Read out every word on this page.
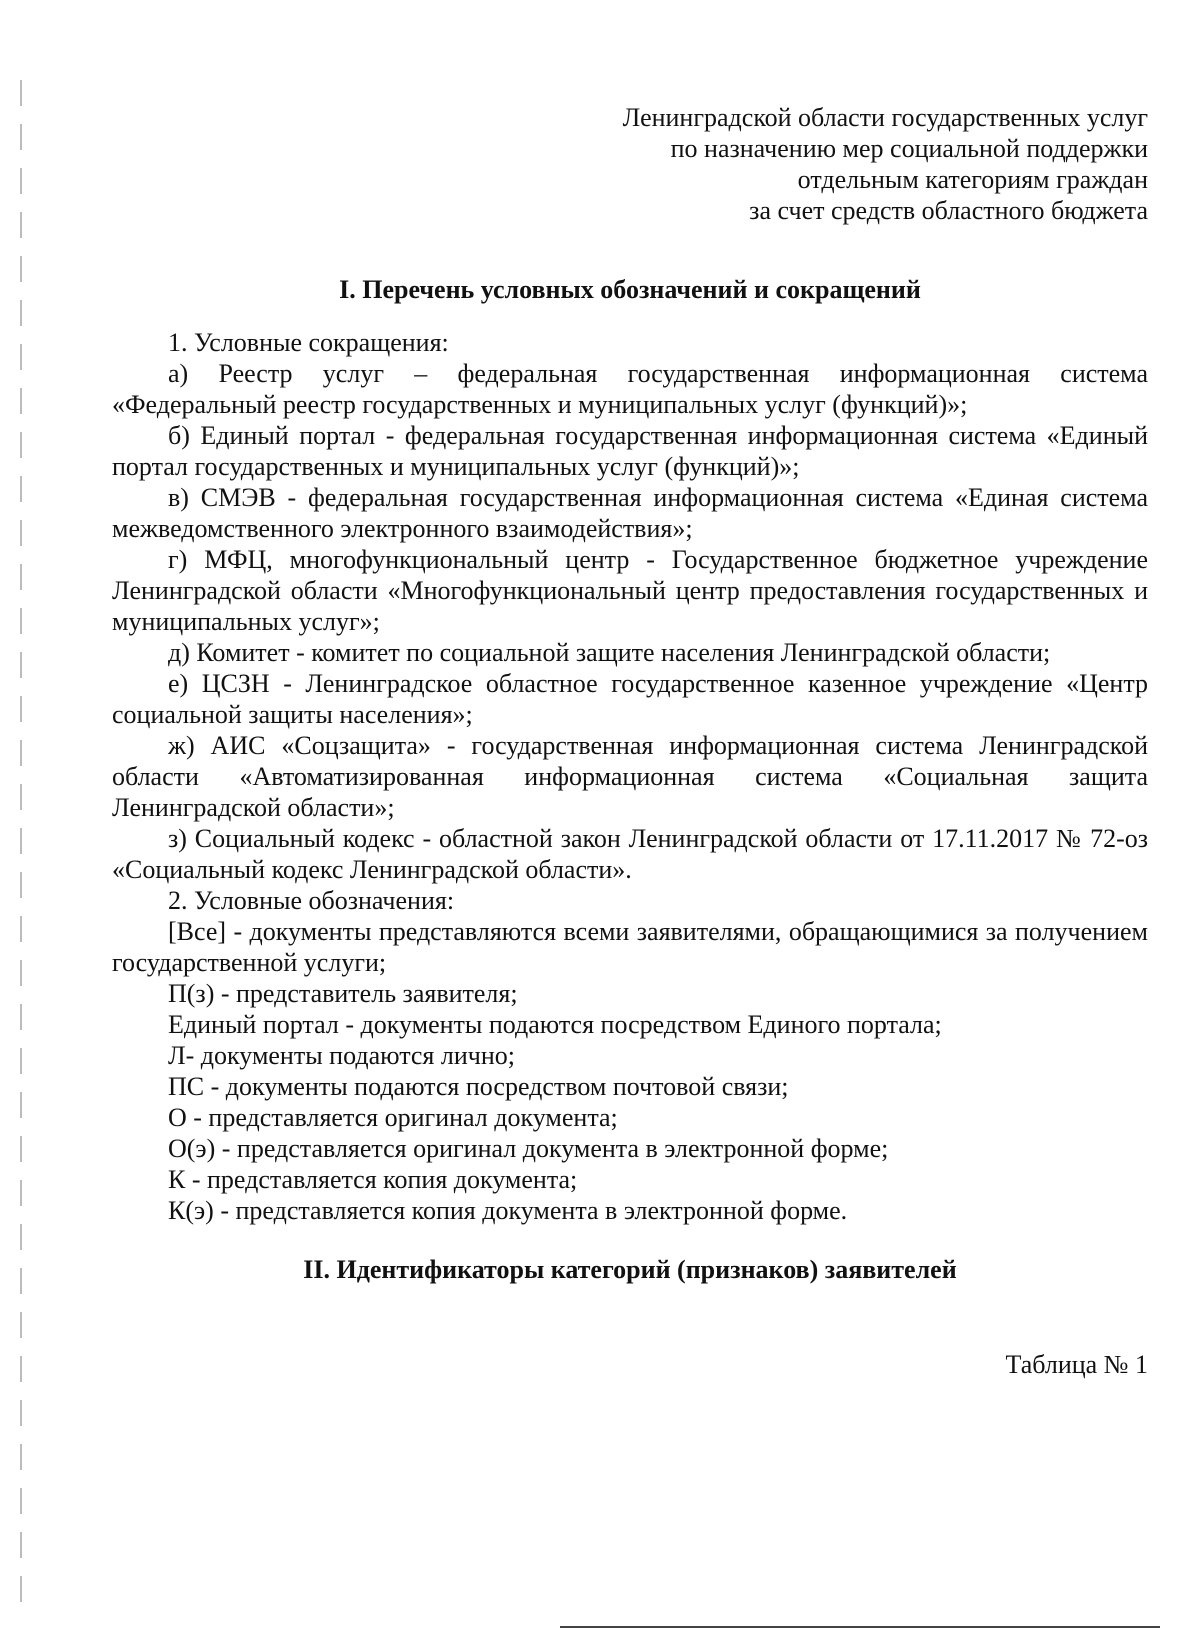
Ленинградской области государственных услуг
по назначению мер социальной поддержки
отдельным категориям граждан
за счет средств областного бюджета
I. Перечень условных обозначений и сокращений
1. Условные сокращения:
а) Реестр услуг – федеральная государственная информационная система «Федеральный реестр государственных и муниципальных услуг (функций)»;
б) Единый портал - федеральная государственная информационная система «Единый портал государственных и муниципальных услуг (функций)»;
в) СМЭВ - федеральная государственная информационная система «Единая система межведомственного электронного взаимодействия»;
г) МФЦ, многофункциональный центр - Государственное бюджетное учреждение Ленинградской области «Многофункциональный центр предоставления государственных и муниципальных услуг»;
д) Комитет - комитет по социальной защите населения Ленинградской области;
е) ЦСЗН - Ленинградское областное государственное казенное учреждение «Центр социальной защиты населения»;
ж) АИС «Соцзащита» - государственная информационная система Ленинградской области «Автоматизированная информационная система «Социальная защита Ленинградской области»;
з) Социальный кодекс - областной закон Ленинградской области от 17.11.2017 № 72-оз «Социальный кодекс Ленинградской области».
2. Условные обозначения:
[Все] - документы представляются всеми заявителями, обращающимися за получением государственной услуги;
П(з) - представитель заявителя;
Единый портал - документы подаются посредством Единого портала;
Л- документы подаются лично;
ПС - документы подаются посредством почтовой связи;
О - представляется оригинал документа;
О(э) - представляется оригинал документа в электронной форме;
К - представляется копия документа;
К(э) - представляется копия документа в электронной форме.
II. Идентификаторы категорий (признаков) заявителей
Таблица № 1
